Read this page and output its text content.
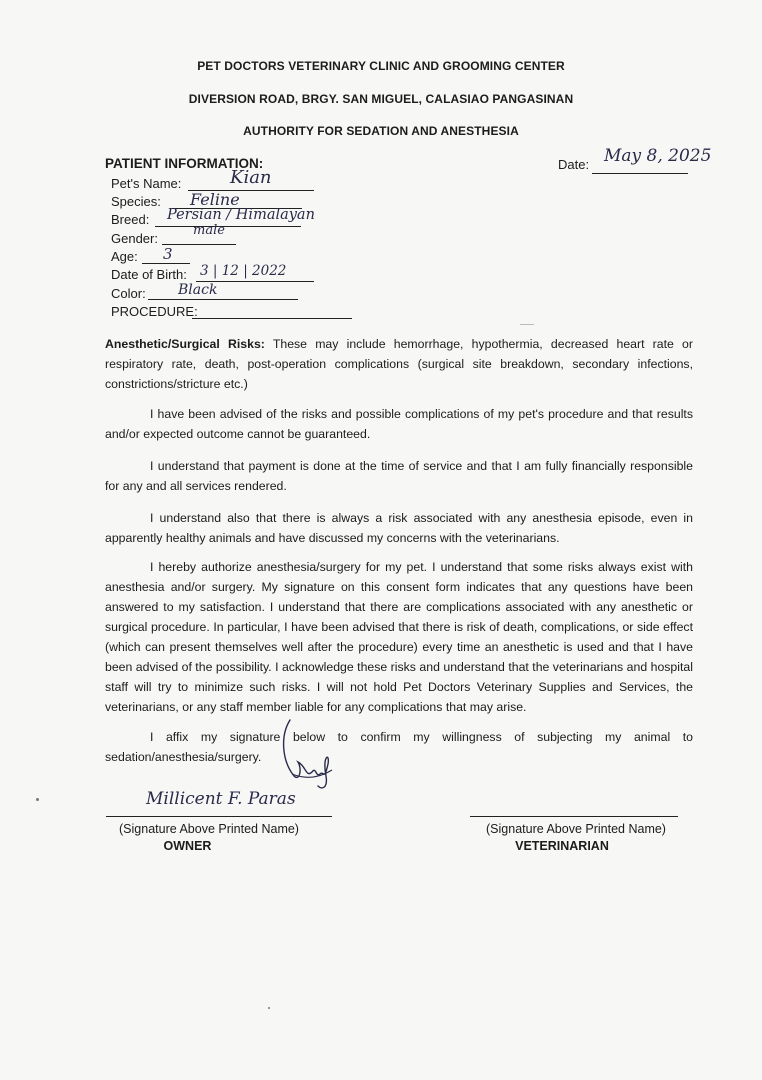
PET DOCTORS VETERINARY CLINIC AND GROOMING CENTER
DIVERSION ROAD, BRGY. SAN MIGUEL, CALASIAO PANGASINAN
AUTHORITY FOR SEDATION AND ANESTHESIA
PATIENT INFORMATION:	Date: May 8, 2025
Pet's Name:	Kian
Species: Feline
Breed: Persian / Himalayan
Gender:
male
Age: 3
Date of Birth: 3 | 12 | 2022
Color: Black
PROCEDURE:
Anesthetic/Surgical Risks: These may include hemorrhage, hypothermia, decreased heart rate or respiratory rate, death, post-operation complications (surgical site breakdown, secondary infections, constrictions/stricture etc.)
I have been advised of the risks and possible complications of my pet's procedure and that results and/or expected outcome cannot be guaranteed.
I understand that payment is done at the time of service and that I am fully financially responsible for any and all services rendered.
I understand also that there is always a risk associated with any anesthesia episode, even in apparently healthy animals and have discussed my concerns with the veterinarians.
I hereby authorize anesthesia/surgery for my pet. I understand that some risks always exist with anesthesia and/or surgery. My signature on this consent form indicates that any questions have been answered to my satisfaction. I understand that there are complications associated with any anesthetic or surgical procedure. In particular, I have been advised that there is risk of death, complications, or side effect (which can present themselves well after the procedure) every time an anesthetic is used and that I have been advised of the possibility. I acknowledge these risks and understand that the veterinarians and hospital staff will try to minimize such risks. I will not hold Pet Doctors Veterinary Supplies and Services, the veterinarians, or any staff member liable for any complications that may arise.
I affix my signature below to confirm my willingness of subjecting my animal to sedation/anesthesia/surgery.
Millicent F. Paras
(Signature Above Printed Name)
OWNER
(Signature Above Printed Name)
VETERINARIAN
